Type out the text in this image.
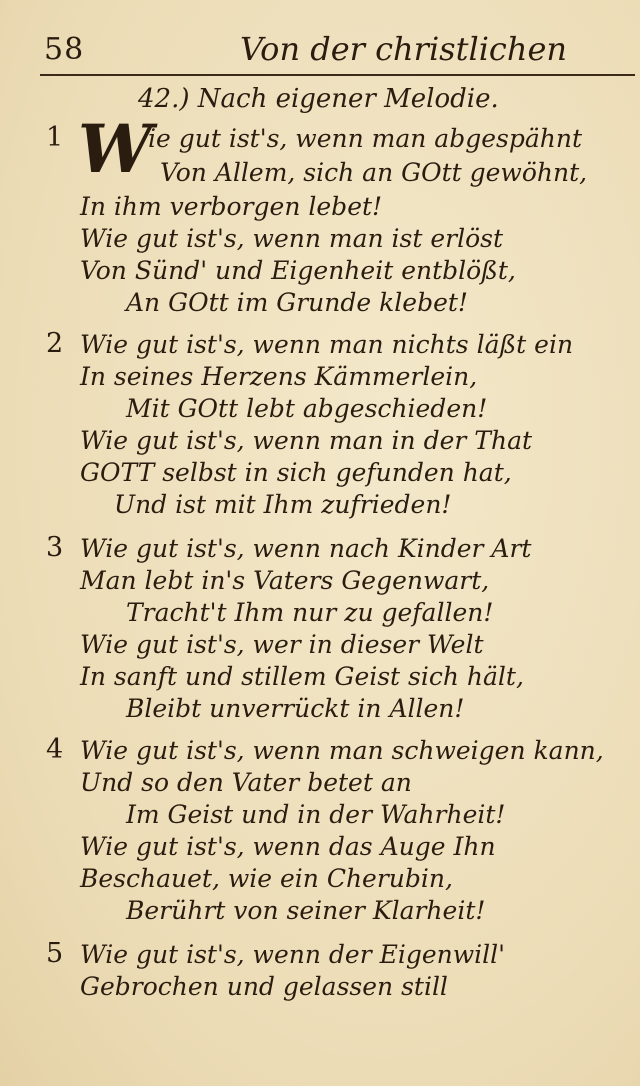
58	Von der christlichen
42.) Nach eigener Melodie.
1 W
ie gut ist's, wenn man abgespähnt
Von Allem, sich an GOtt gewöhnt,
In ihm verborgen lebet!
Wie gut ist's, wenn man ist erlöst
Von Sünd' und Eigenheit entblößt,
An GOtt im Grunde klebet!
2 Wie gut ist's, wenn man nichts läßt ein
In seines Herzens Kämmerlein,
Mit GOtt lebt abgeschieden!
Wie gut ist's, wenn man in der That
GOTT selbst in sich gefunden hat,
Und ist mit Ihm zufrieden!
3 Wie gut ist's, wenn nach Kinder Art
Man lebt in's Vaters Gegenwart,
Tracht't Ihm nur zu gefallen!
Wie gut ist's, wer in dieser Welt
In sanft und stillem Geist sich hält,
Bleibt unverrückt in Allen!
4 Wie gut ist's, wenn man schweigen kann,
Und so den Vater betet an
Im Geist und in der Wahrheit!
Wie gut ist's, wenn das Auge Ihn
Beschauet, wie ein Cherubin,
Berührt von seiner Klarheit!
5 Wie gut ist's, wenn der Eigenwill'
Gebrochen und gelassen still
